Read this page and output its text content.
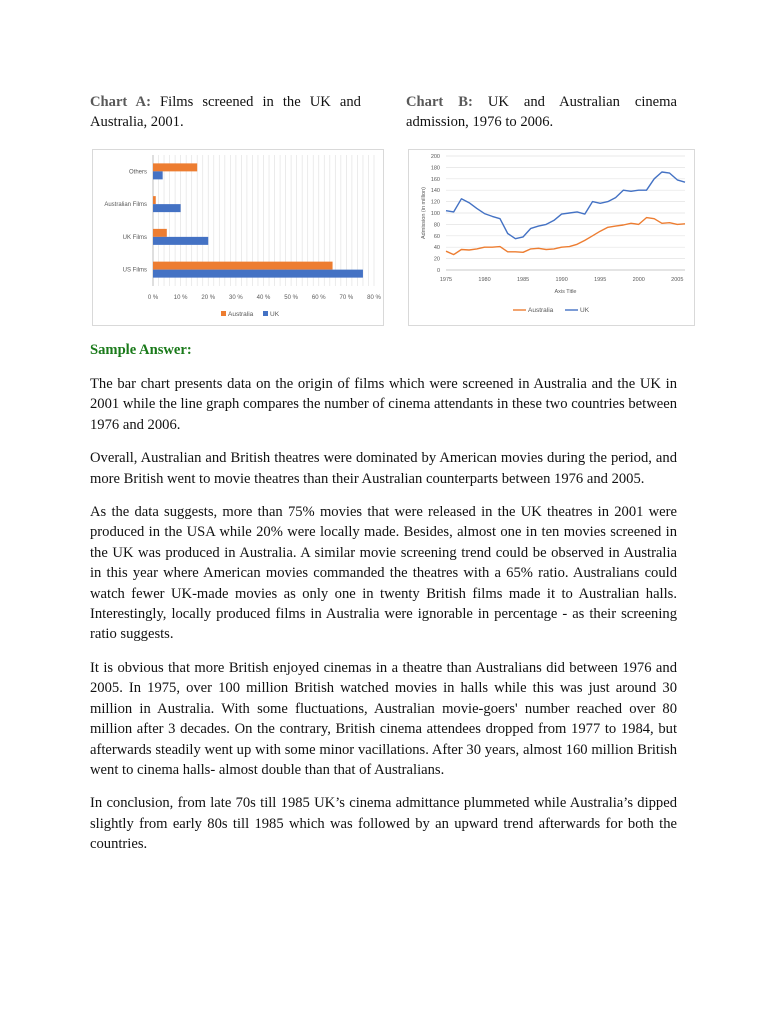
Chart A: Films screened in the UK and Australia, 2001.
Chart B: UK and Australian cinema admission, 1976 to 2006.
Others
Australian Films
UK Films
US Films
0 %	10 % 20 % 30 % 40 % 50 % 60 % 70 % 80 %
Australia	UK
0
20
40
60
80
100
120
140
160
180
200
1975	1980	1985	1990	1995	2000	2005
Admission (in million)
Axis Title
Australia	UK
Sample Answer:

The bar chart presents data on the origin of films which were screened in Australia and the UK in 2001 while the line graph compares the number of cinema attendants in these two countries between 1976 and 2006.

Overall, Australian and British theatres were dominated by American movies during the period, and more British went to movie theatres than their Australian counterparts between 1976 and 2005.

As the data suggests, more than 75% movies that were released in the UK theatres in 2001 were produced in the USA while 20% were locally made. Besides, almost one in ten movies screened in the UK was produced in Australia. A similar movie screening trend could be observed in Australia in this year where American movies commanded the theatres with a 65% ratio. Australians could watch fewer UK-made movies as only one in twenty British films made it to Australian halls. Interestingly, locally produced films in Australia were ignorable in percentage - as their screening ratio suggests.

It is obvious that more British enjoyed cinemas in a theatre than Australians did between 1976 and 2005. In 1975, over 100 million British watched movies in halls while this was just around 30 million in Australia. With some fluctuations, Australian movie-goers' number reached over 80 million after 3 decades. On the contrary, British cinema attendees dropped from 1977 to 1984, but afterwards steadily went up with some minor vacillations. After 30 years, almost 160 million British went to cinema halls- almost double than that of Australians.

In conclusion, from late 70s till 1985 UK’s cinema admittance plummeted while Australia’s dipped slightly from early 80s till 1985 which was followed by an upward trend afterwards for both the countries.
